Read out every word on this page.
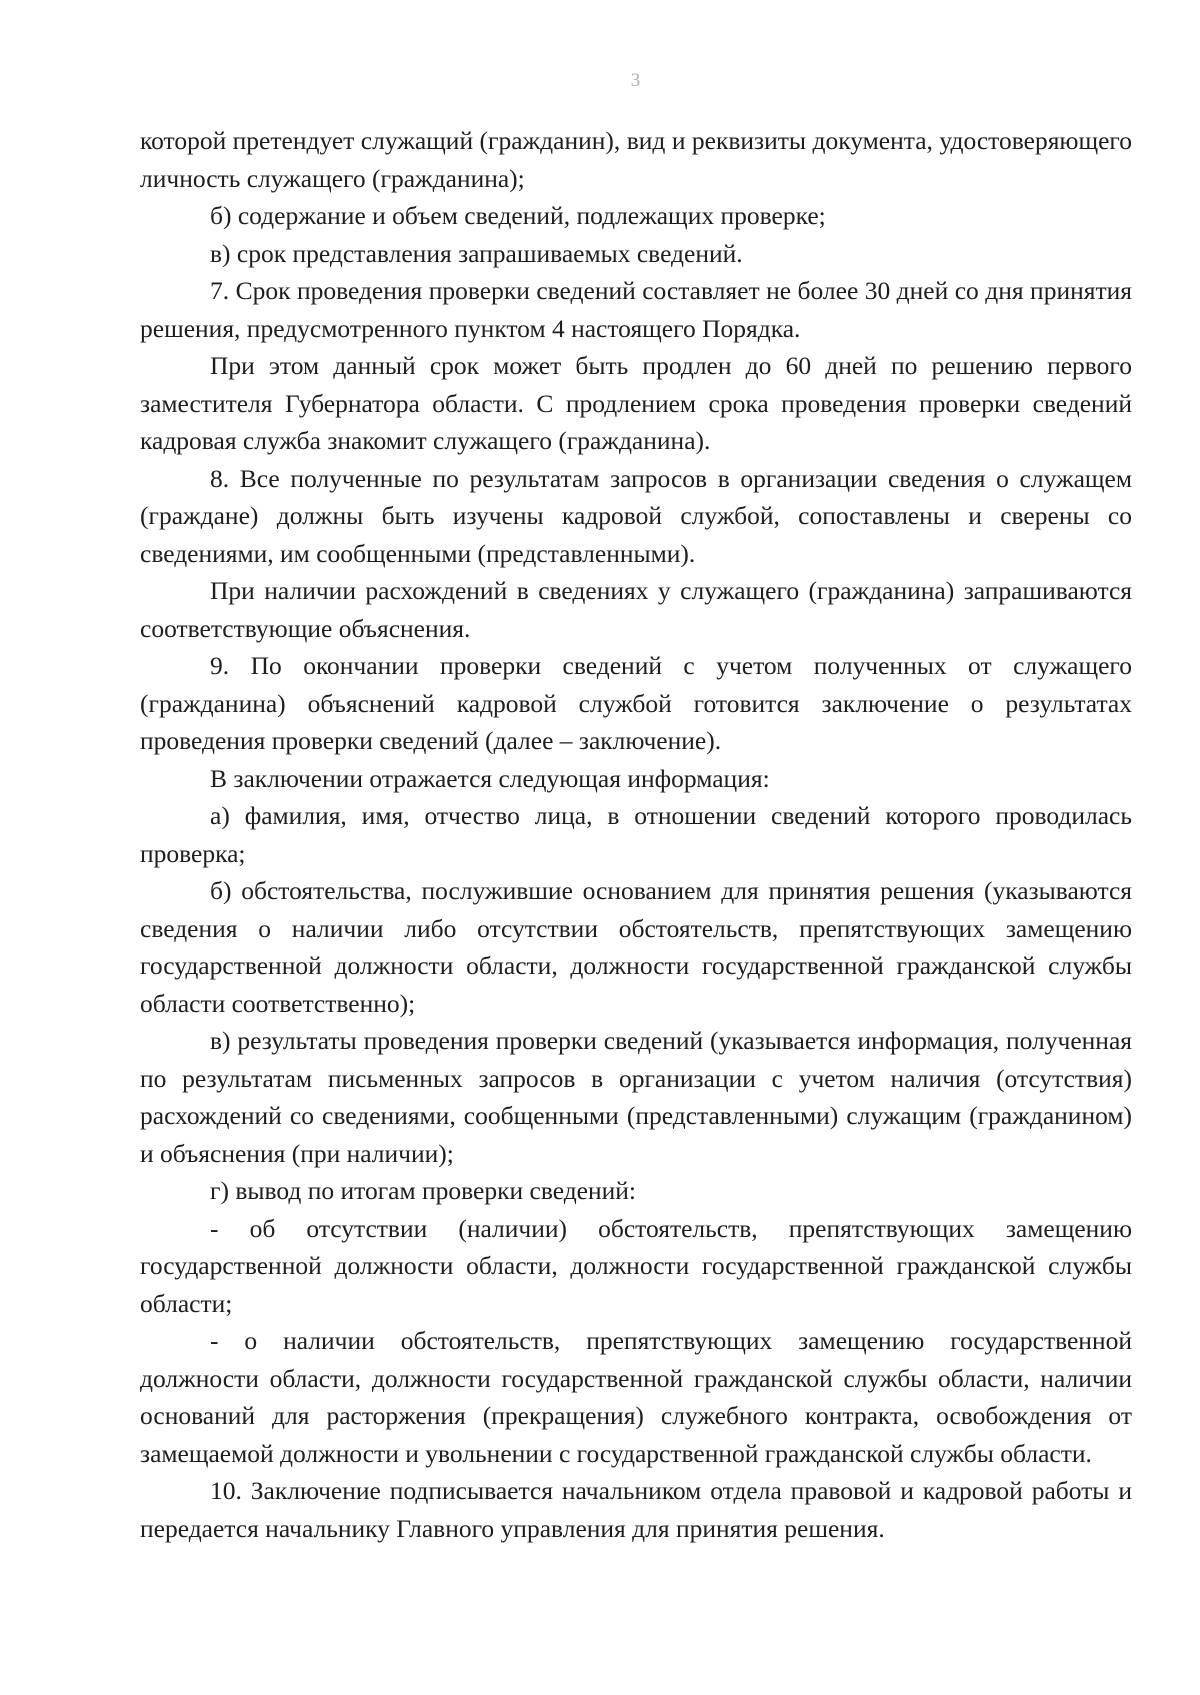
3

которой претендует служащий (гражданин), вид и реквизиты документа, удостоверяющего личность служащего (гражданина);

б) содержание и объем сведений, подлежащих проверке;

в) срок представления запрашиваемых сведений.

7. Срок проведения проверки сведений составляет не более 30 дней со дня принятия решения, предусмотренного пунктом 4 настоящего Порядка.

При этом данный срок может быть продлен до 60 дней по решению первого заместителя Губернатора области. С продлением срока проведения проверки сведений кадровая служба знакомит служащего (гражданина).

8. Все полученные по результатам запросов в организации сведения о служащем (граждане) должны быть изучены кадровой службой, сопоставлены и сверены со сведениями, им сообщенными (представленными).

При наличии расхождений в сведениях у служащего (гражданина) запрашиваются соответствующие объяснения.

9. По окончании проверки сведений с учетом полученных от служащего (гражданина) объяснений кадровой службой готовится заключение о результатах проведения проверки сведений (далее – заключение).

В заключении отражается следующая информация:

а) фамилия, имя, отчество лица, в отношении сведений которого проводилась проверка;

б) обстоятельства, послужившие основанием для принятия решения (указываются сведения о наличии либо отсутствии обстоятельств, препятствующих замещению государственной должности области, должности государственной гражданской службы области соответственно);

в) результаты проведения проверки сведений (указывается информация, полученная по результатам письменных запросов в организации с учетом наличия (отсутствия) расхождений со сведениями, сообщенными (представленными) служащим (гражданином) и объяснения (при наличии);

г) вывод по итогам проверки сведений:

- об отсутствии (наличии) обстоятельств, препятствующих замещению государственной должности области, должности государственной гражданской службы области;

- о наличии обстоятельств, препятствующих замещению государственной должности области, должности государственной гражданской службы области, наличии оснований для расторжения (прекращения) служебного контракта, освобождения от замещаемой должности и увольнении с государственной гражданской службы области.

10. Заключение подписывается начальником отдела правовой и кадровой работы и передается начальнику Главного управления для принятия решения.
